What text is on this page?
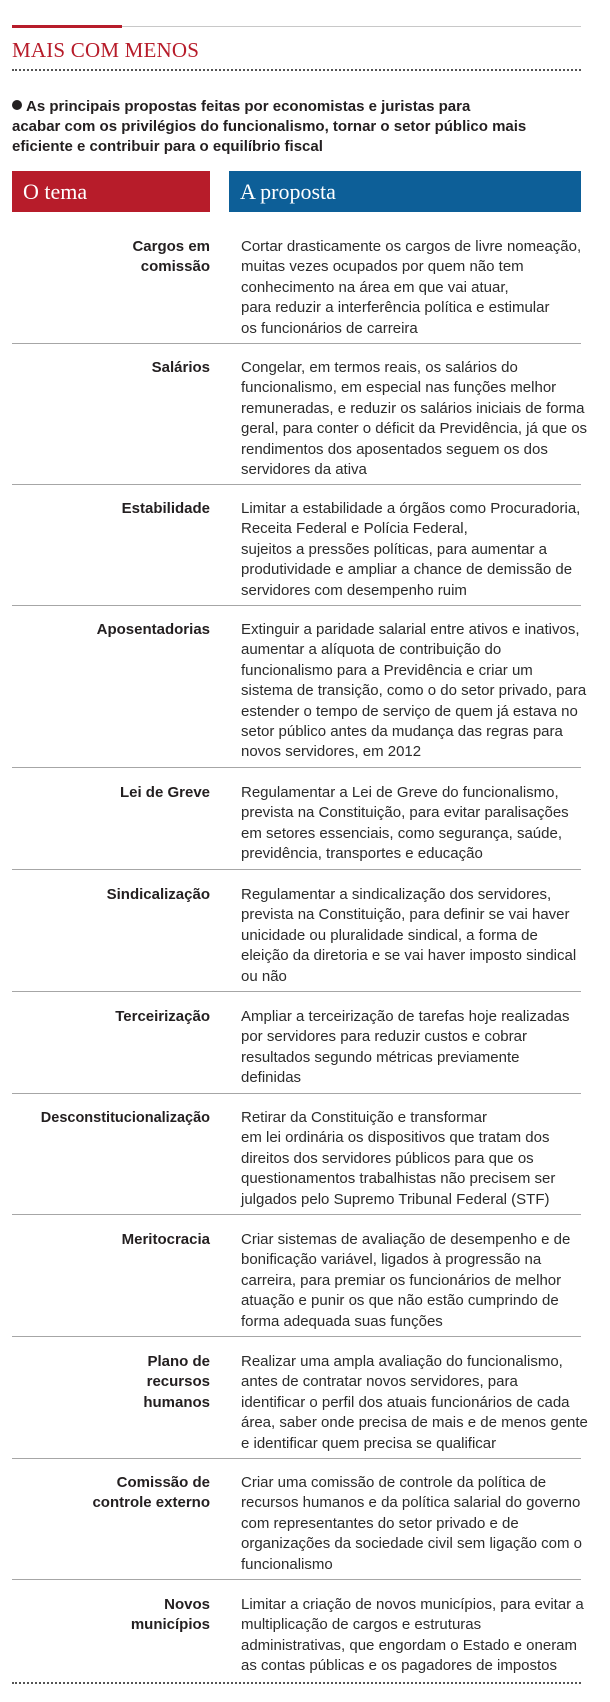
MAIS COM MENOS
As principais propostas feitas por economistas e juristas para
acabar com os privilégios do funcionalismo, tornar o setor público mais
eficiente e contribuir para o equilíbrio fiscal
O tema	A proposta
Cargos em
comissão
Cortar drasticamente os cargos de livre nomeação,
muitas vezes ocupados por quem não tem
conhecimento na área em que vai atuar,
para reduzir a interferência política e estimular
os funcionários de carreira
Salários Congelar, em termos reais, os salários do
funcionalismo, em especial nas funções melhor
remuneradas, e reduzir os salários iniciais de forma
geral, para conter o déficit da Previdência, já que os
rendimentos dos aposentados seguem os dos
servidores da ativa
Estabilidade Limitar a estabilidade a órgãos como Procuradoria,
Receita Federal e Polícia Federal,
sujeitos a pressões políticas, para aumentar a
produtividade e ampliar a chance de demissão de
servidores com desempenho ruim
Aposentadorias Extinguir a paridade salarial entre ativos e inativos,
aumentar a alíquota de contribuição do
funcionalismo para a Previdência e criar um
sistema de transição, como o do setor privado, para
estender o tempo de serviço de quem já estava no
setor público antes da mudança das regras para
novos servidores, em 2012
Lei de Greve Regulamentar a Lei de Greve do funcionalismo,
prevista na Constituição, para evitar paralisações
em setores essenciais, como segurança, saúde,
previdência, transportes e educação
Sindicalização Regulamentar a sindicalização dos servidores,
prevista na Constituição, para definir se vai haver
unicidade ou pluralidade sindical, a forma de
eleição da diretoria e se vai haver imposto sindical
ou não
Terceirização Ampliar a terceirização de tarefas hoje realizadas
por servidores para reduzir custos e cobrar
resultados segundo métricas previamente
definidas
Desconstitucionalização Retirar da Constituição e transformar
em lei ordinária os dispositivos que tratam dos
direitos dos servidores públicos para que os
questionamentos trabalhistas não precisem ser
julgados pelo Supremo Tribunal Federal (STF)
Meritocracia Criar sistemas de avaliação de desempenho e de
bonificação variável, ligados à progressão na
carreira, para premiar os funcionários de melhor
atuação e punir os que não estão cumprindo de
forma adequada suas funções
Plano de
recursos
humanos
Realizar uma ampla avaliação do funcionalismo,
antes de contratar novos servidores, para
identificar o perfil dos atuais funcionários de cada
área, saber onde precisa de mais e de menos gente
e identificar quem precisa se qualificar
Comissão de
controle externo
Criar uma comissão de controle da política de
recursos humanos e da política salarial do governo
com representantes do setor privado e de
organizações da sociedade civil sem ligação com o
funcionalismo
Novos
municípios
Limitar a criação de novos municípios, para evitar a
multiplicação de cargos e estruturas
administrativas, que engordam o Estado e oneram
as contas públicas e os pagadores de impostos
